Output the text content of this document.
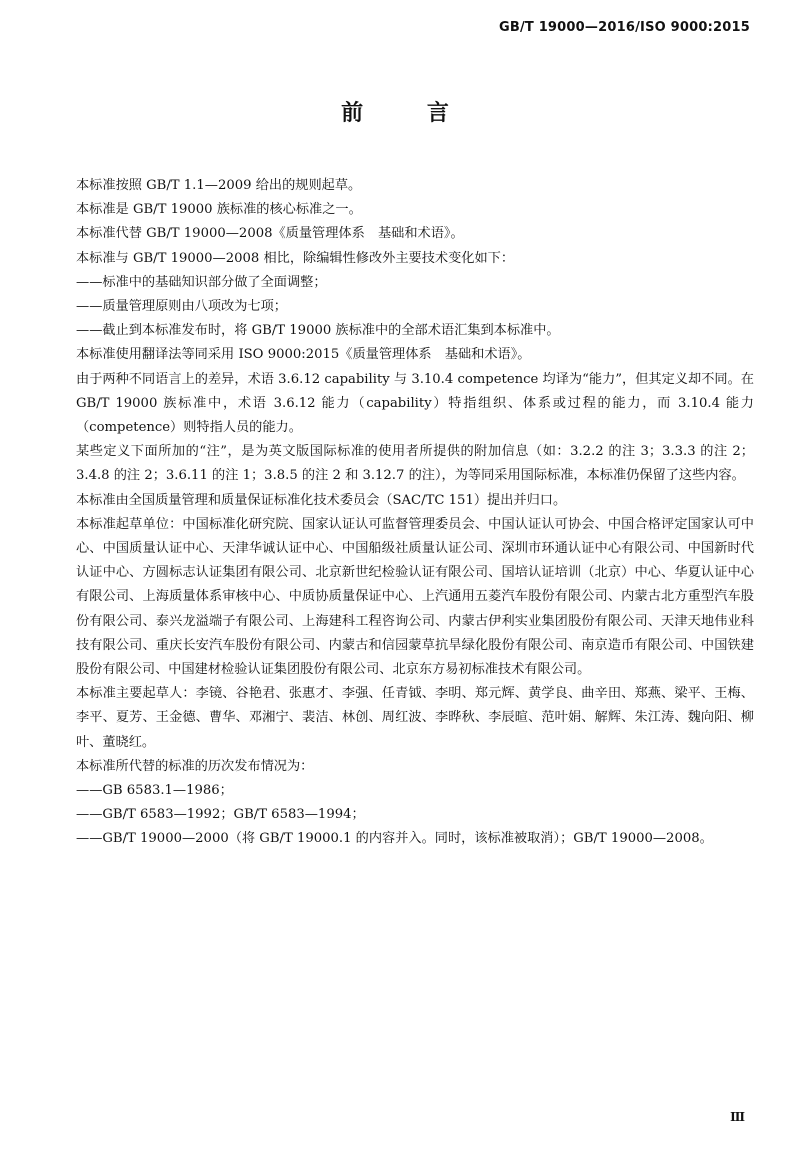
GB/T 19000—2016/ISO 9000:2015
前 言

本标准按照 GB/T 1.1—2009 给出的规则起草。

本标准是 GB/T 19000 族标准的核心标准之一。

本标准代替 GB/T 19000—2008《质量管理体系　基础和术语》。

本标准与 GB/T 19000—2008 相比，除编辑性修改外主要技术变化如下：

——标准中的基础知识部分做了全面调整；

——质量管理原则由八项改为七项；

——截止到本标准发布时，将 GB/T 19000 族标准中的全部术语汇集到本标准中。

本标准使用翻译法等同采用 ISO 9000:2015《质量管理体系　基础和术语》。

由于两种不同语言上的差异，术语 3.6.12 capability 与 3.10.4 competence 均译为“能力”，但其定义却不同。在 GB/T 19000 族标准中，术语 3.6.12 能力（capability）特指组织、体系或过程的能力，而 3.10.4 能力（competence）则特指人员的能力。

某些定义下面所加的“注”，是为英文版国际标准的使用者所提供的附加信息（如：3.2.2 的注 3；3.3.3 的注 2；3.4.8 的注 2；3.6.11 的注 1；3.8.5 的注 2 和 3.12.7 的注），为等同采用国际标准，本标准仍保留了这些内容。

本标准由全国质量管理和质量保证标准化技术委员会（SAC/TC 151）提出并归口。

本标准起草单位：中国标准化研究院、国家认证认可监督管理委员会、中国认证认可协会、中国合格评定国家认可中心、中国质量认证中心、天津华诚认证中心、中国船级社质量认证公司、深圳市环通认证中心有限公司、中国新时代认证中心、方圆标志认证集团有限公司、北京新世纪检验认证有限公司、国培认证培训（北京）中心、华夏认证中心有限公司、上海质量体系审核中心、中质协质量保证中心、上汽通用五菱汽车股份有限公司、内蒙古北方重型汽车股份有限公司、泰兴龙溢端子有限公司、上海建科工程咨询公司、内蒙古伊利实业集团股份有限公司、天津天地伟业科技有限公司、重庆长安汽车股份有限公司、内蒙古和信园蒙草抗旱绿化股份有限公司、南京造币有限公司、中国铁建股份有限公司、中国建材检验认证集团股份有限公司、北京东方易初标准技术有限公司。

本标准主要起草人：李镜、谷艳君、张惠才、李强、任青钺、李明、郑元辉、黄学良、曲辛田、郑燕、梁平、王梅、李平、夏芳、王金德、曹华、邓湘宁、裴洁、林创、周红波、李晔秋、李辰暄、范叶娟、解辉、朱江涛、魏向阳、柳叶、董晓红。

本标准所代替的标准的历次发布情况为：

——GB 6583.1—1986；

——GB/T 6583—1992；GB/T 6583—1994；

——GB/T 19000—2000（将 GB/T 19000.1 的内容并入。同时，该标准被取消）；GB/T 19000—2008。

III
